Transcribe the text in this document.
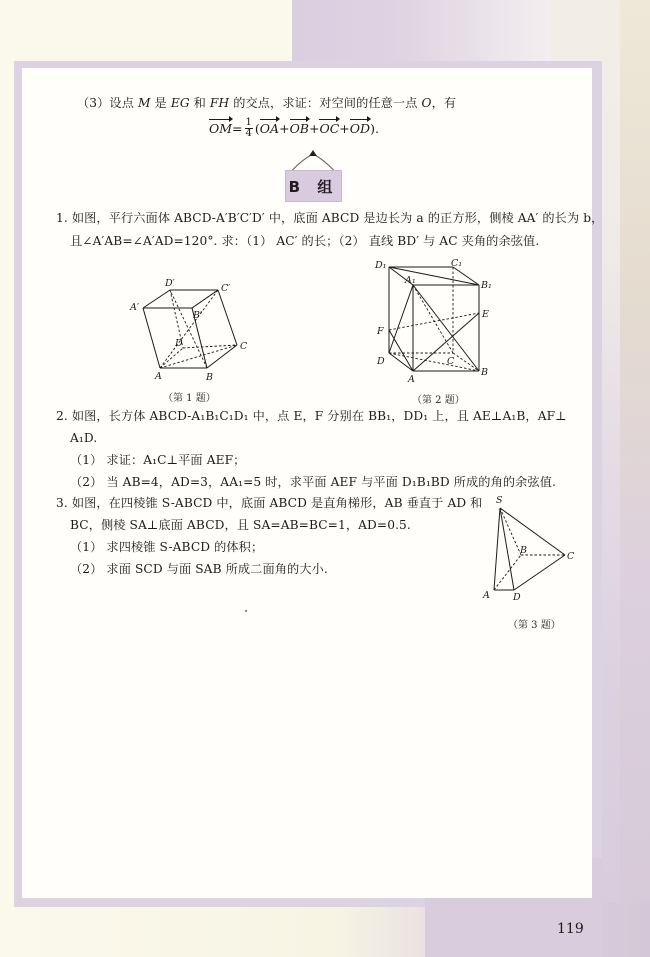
（3）设点 M 是 EG 和 FH 的交点，求证：对空间的任意一点 O，有
OM = $\frac{1}{4}$ ( OA + OB + OC + OD ).
B 组
1. 如图，平行六面体 ABCD-A′B′C′D′ 中，底面 ABCD 是边长为 a 的正方形，侧棱 AA′ 的长为 b，
且∠A′AB=∠A′AD=120°. 求：（1） AC′ 的长；（2） 直线 BD′ 与 AC 夹角的余弦值.
D′	C′
A′
B′
D	C
A	B
（第 1 题）
D₁	C₁
A₁	B₁
E
F
D	C
A
B
（第 2 题）
2. 如图，长方体 ABCD-A₁B₁C₁D₁ 中，点 E，F 分别在 BB₁，DD₁ 上，且 AE⊥A₁B，AF⊥
A₁D.
（1） 求证：A₁C⊥平面 AEF；
（2） 当 AB=4，AD=3，AA₁=5 时，求平面 AEF 与平面 D₁B₁BD 所成的角的余弦值.
3. 如图，在四棱锥 S-ABCD 中，底面 ABCD 是直角梯形，AB 垂直于 AD 和
BC，侧棱 SA⊥底面 ABCD，且 SA=AB=BC=1，AD=0.5.
（1） 求四棱锥 S-ABCD 的体积；
（2） 求面 SCD 与面 SAB 所成二面角的大小.
S
B
C
A D
（第 3 题）
119
